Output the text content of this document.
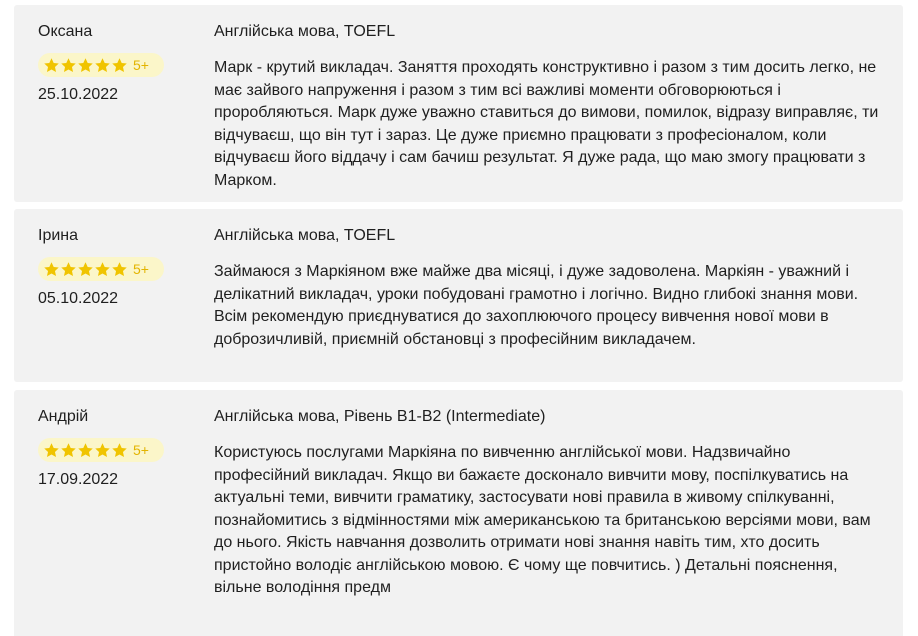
Оксана
5+
25.10.2022
Англійська мова, TOEFL
Марк - крутий викладач. Заняття проходять конструктивно і разом з тим досить легко, не має зайвого напруження і разом з тим всі важливі моменти обговорюються і проробляються. Марк дуже уважно ставиться до вимови, помилок, відразу виправляє, ти відчуваєш, що він тут і зараз. Це дуже приємно працювати з професіоналом, коли відчуваєш його віддачу і сам бачиш результат. Я дуже рада, що маю змогу працювати з Марком.
Ірина
5+
05.10.2022
Англійська мова, TOEFL
Займаюся з Маркіяном вже майже два місяці, і дуже задоволена. Маркіян - уважний і делікатний викладач, уроки побудовані грамотно і логічно. Видно глибокі знання мови. Всім рекомендую приєднуватися до захоплюючого процесу вивчення нової мови в доброзичливій, приємній обстановці з професійним викладачем.
Андрій
5+
17.09.2022
Англійська мова, Рівень B1-B2 (Intermediate)
Користуюсь послугами Маркіяна по вивченню англійської мови. Надзвичайно професійний викладач. Якщо ви бажаєте досконало вивчити мову, поспілкуватись на актуальні теми, вивчити граматику, застосувати нові правила в живому спілкуванні, познайомитись з відмінностями між американською та британською версіями мови, вам до нього. Якість навчання дозволить отримати нові знання навіть тим, хто досить пристойно володіє англійською мовою. Є чому ще повчитись. ) Детальні пояснення, вільне володіння предм
